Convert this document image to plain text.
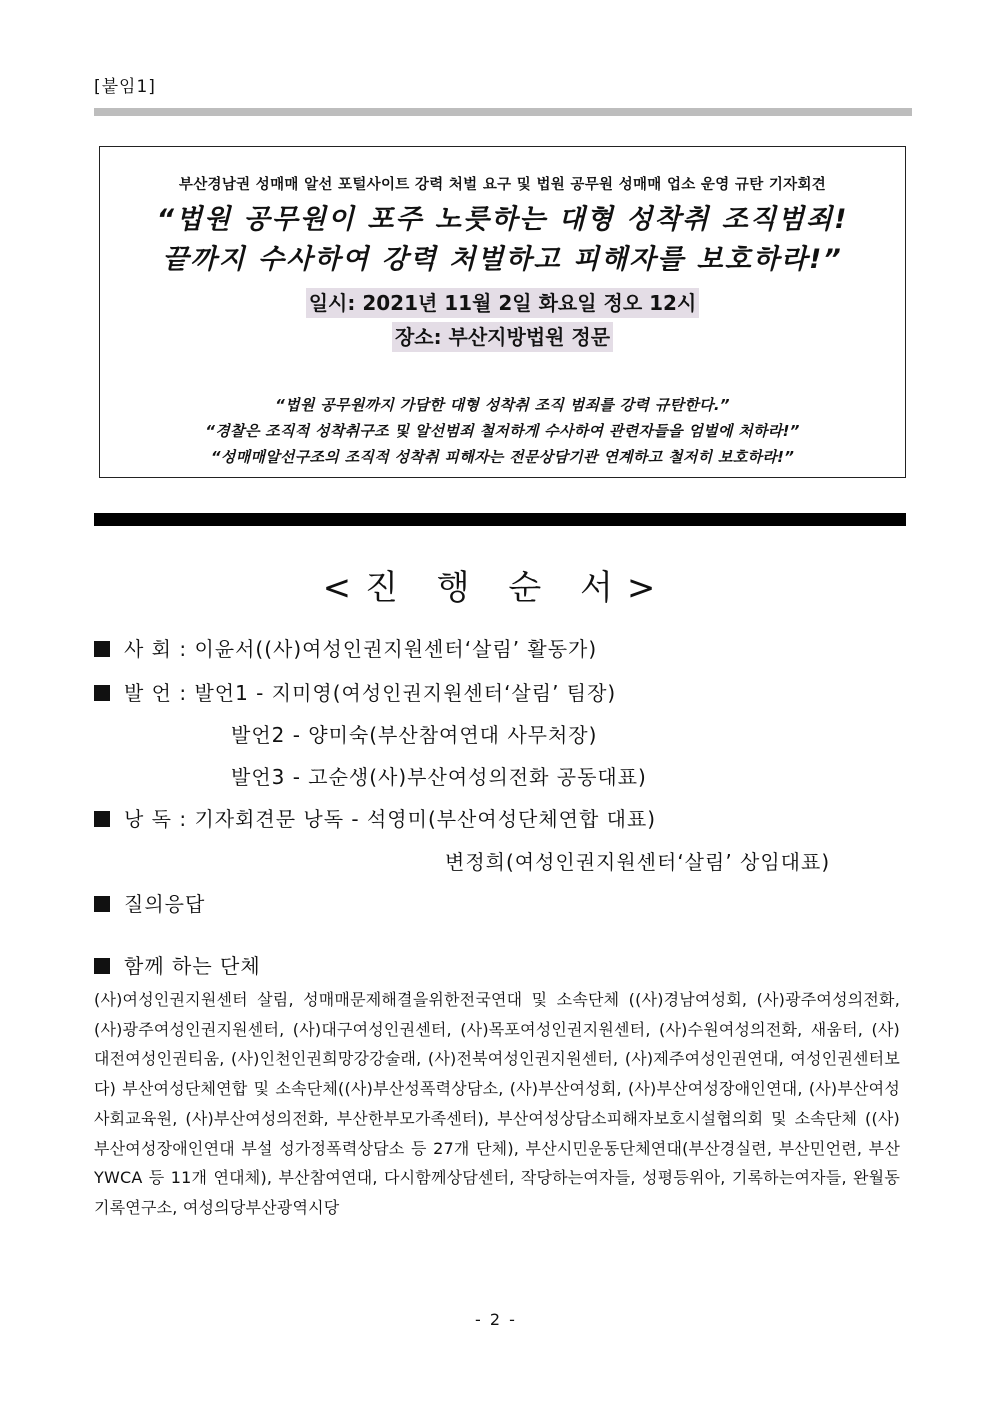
[붙임1]
부산경남권 성매매 알선 포털사이트 강력 처벌 요구 및 법원 공무원 성매매 업소 운영 규탄 기자회견
“법원 공무원이 포주 노릇하는 대형 성착취 조직범죄!
끝까지 수사하여 강력 처벌하고 피해자를 보호하라!”
일시: 2021년 11월 2일 화요일 정오 12시
장소: 부산지방법원 정문
“법원 공무원까지 가담한 대형 성착취 조직 범죄를 강력 규탄한다.”
“경찰은 조직적 성착취구조 및 알선범죄 철저하게 수사하여 관련자들을 엄벌에 처하라!”
“성매매알선구조의 조직적 성착취 피해자는 전문상담기관 연계하고 철저히 보호하라!”
<진 행 순 서>
사 회 : 이윤서((사)여성인권지원센터‘살림’ 활동가)
발 언 : 발언1 - 지미영(여성인권지원센터‘살림’ 팀장)
발언2 - 양미숙(부산참여연대 사무처장)
발언3 - 고순생(사)부산여성의전화 공동대표)
낭 독 : 기자회견문 낭독 - 석영미(부산여성단체연합 대표)
변정희(여성인권지원센터‘살림’ 상임대표)
질의응답
함께 하는 단체
(사)여성인권지원센터 살림, 성매매문제해결을위한전국연대 및 소속단체 ((사)경남여성회, (사)광주여성의전화, (사)광주여성인권지원센터, (사)대구여성인권센터, (사)목포여성인권지원센터, (사)수원여성의전화, 새움터, (사)대전여성인권티움, (사)인천인권희망강강술래, (사)전북여성인권지원센터, (사)제주여성인권연대, 여성인권센터보다) 부산여성단체연합 및 소속단체((사)부산성폭력상담소, (사)부산여성회, (사)부산여성장애인연대, (사)부산여성사회교육원, (사)부산여성의전화, 부산한부모가족센터), 부산여성상담소피해자보호시설협의회 및 소속단체 ((사)부산여성장애인연대 부설 성가정폭력상담소 등 27개 단체), 부산시민운동단체연대(부산경실련, 부산민언련, 부산YWCA 등 11개 연대체), 부산참여연대, 다시함께상담센터, 작당하는여자들, 성평등위아, 기록하는여자들, 완월동기록연구소, 여성의당부산광역시당
- 2 -
